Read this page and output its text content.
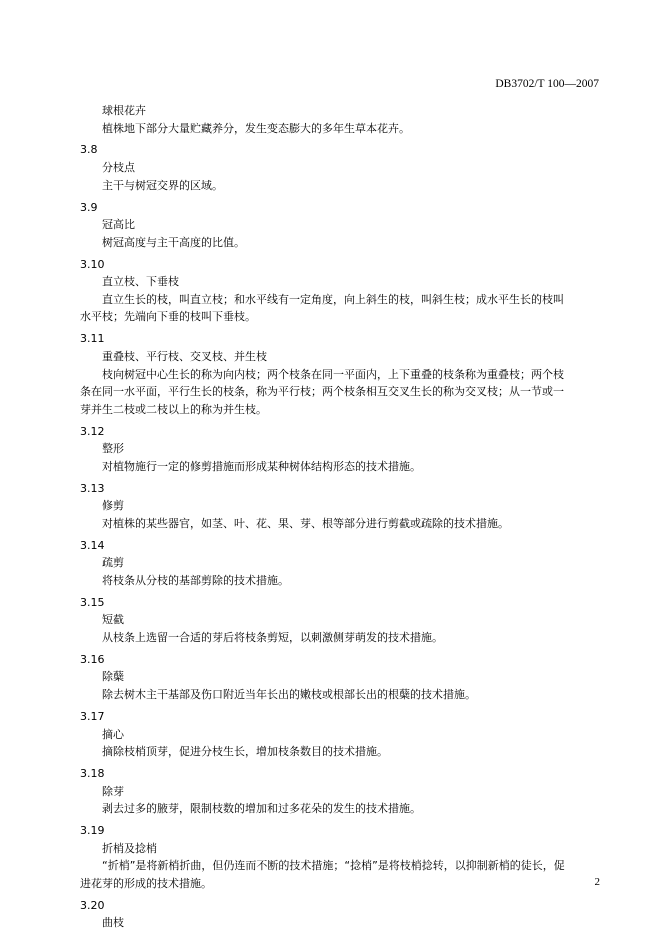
DB3702/T 100—2007
球根花卉
植株地下部分大量贮藏养分，发生变态膨大的多年生草本花卉。
3.8
分枝点
主干与树冠交界的区域。
3.9
冠高比
树冠高度与主干高度的比值。
3.10
直立枝、下垂枝
直立生长的枝，叫直立枝；和水平线有一定角度，向上斜生的枝，叫斜生枝；成水平生长的枝叫
水平枝；先端向下垂的枝叫下垂枝。
3.11
重叠枝、平行枝、交叉枝、并生枝
枝向树冠中心生长的称为向内枝；两个枝条在同一平面内，上下重叠的枝条称为重叠枝；两个枝
条在同一水平面，平行生长的枝条，称为平行枝；两个枝条相互交叉生长的称为交叉枝；从一节或一
芽并生二枝或二枝以上的称为并生枝。
3.12
整形
对植物施行一定的修剪措施而形成某种树体结构形态的技术措施。
3.13
修剪
对植株的某些器官，如茎、叶、花、果、芽、根等部分进行剪截或疏除的技术措施。
3.14
疏剪
将枝条从分枝的基部剪除的技术措施。
3.15
短截
从枝条上选留一合适的芽后将枝条剪短，以刺激侧芽萌发的技术措施。
3.16
除蘖
除去树木主干基部及伤口附近当年长出的嫩枝或根部长出的根蘖的技术措施。
3.17
摘心
摘除枝梢顶芽，促进分枝生长，增加枝条数目的技术措施。
3.18
除芽
剥去过多的腋芽，限制枝数的增加和过多花朵的发生的技术措施。
3.19
折梢及捻梢
“折梢”是将新梢折曲，但仍连而不断的技术措施；“捻梢”是将枝梢捻转，以抑制新梢的徒长，促
进花芽的形成的技术措施。
3.20
曲枝
2
